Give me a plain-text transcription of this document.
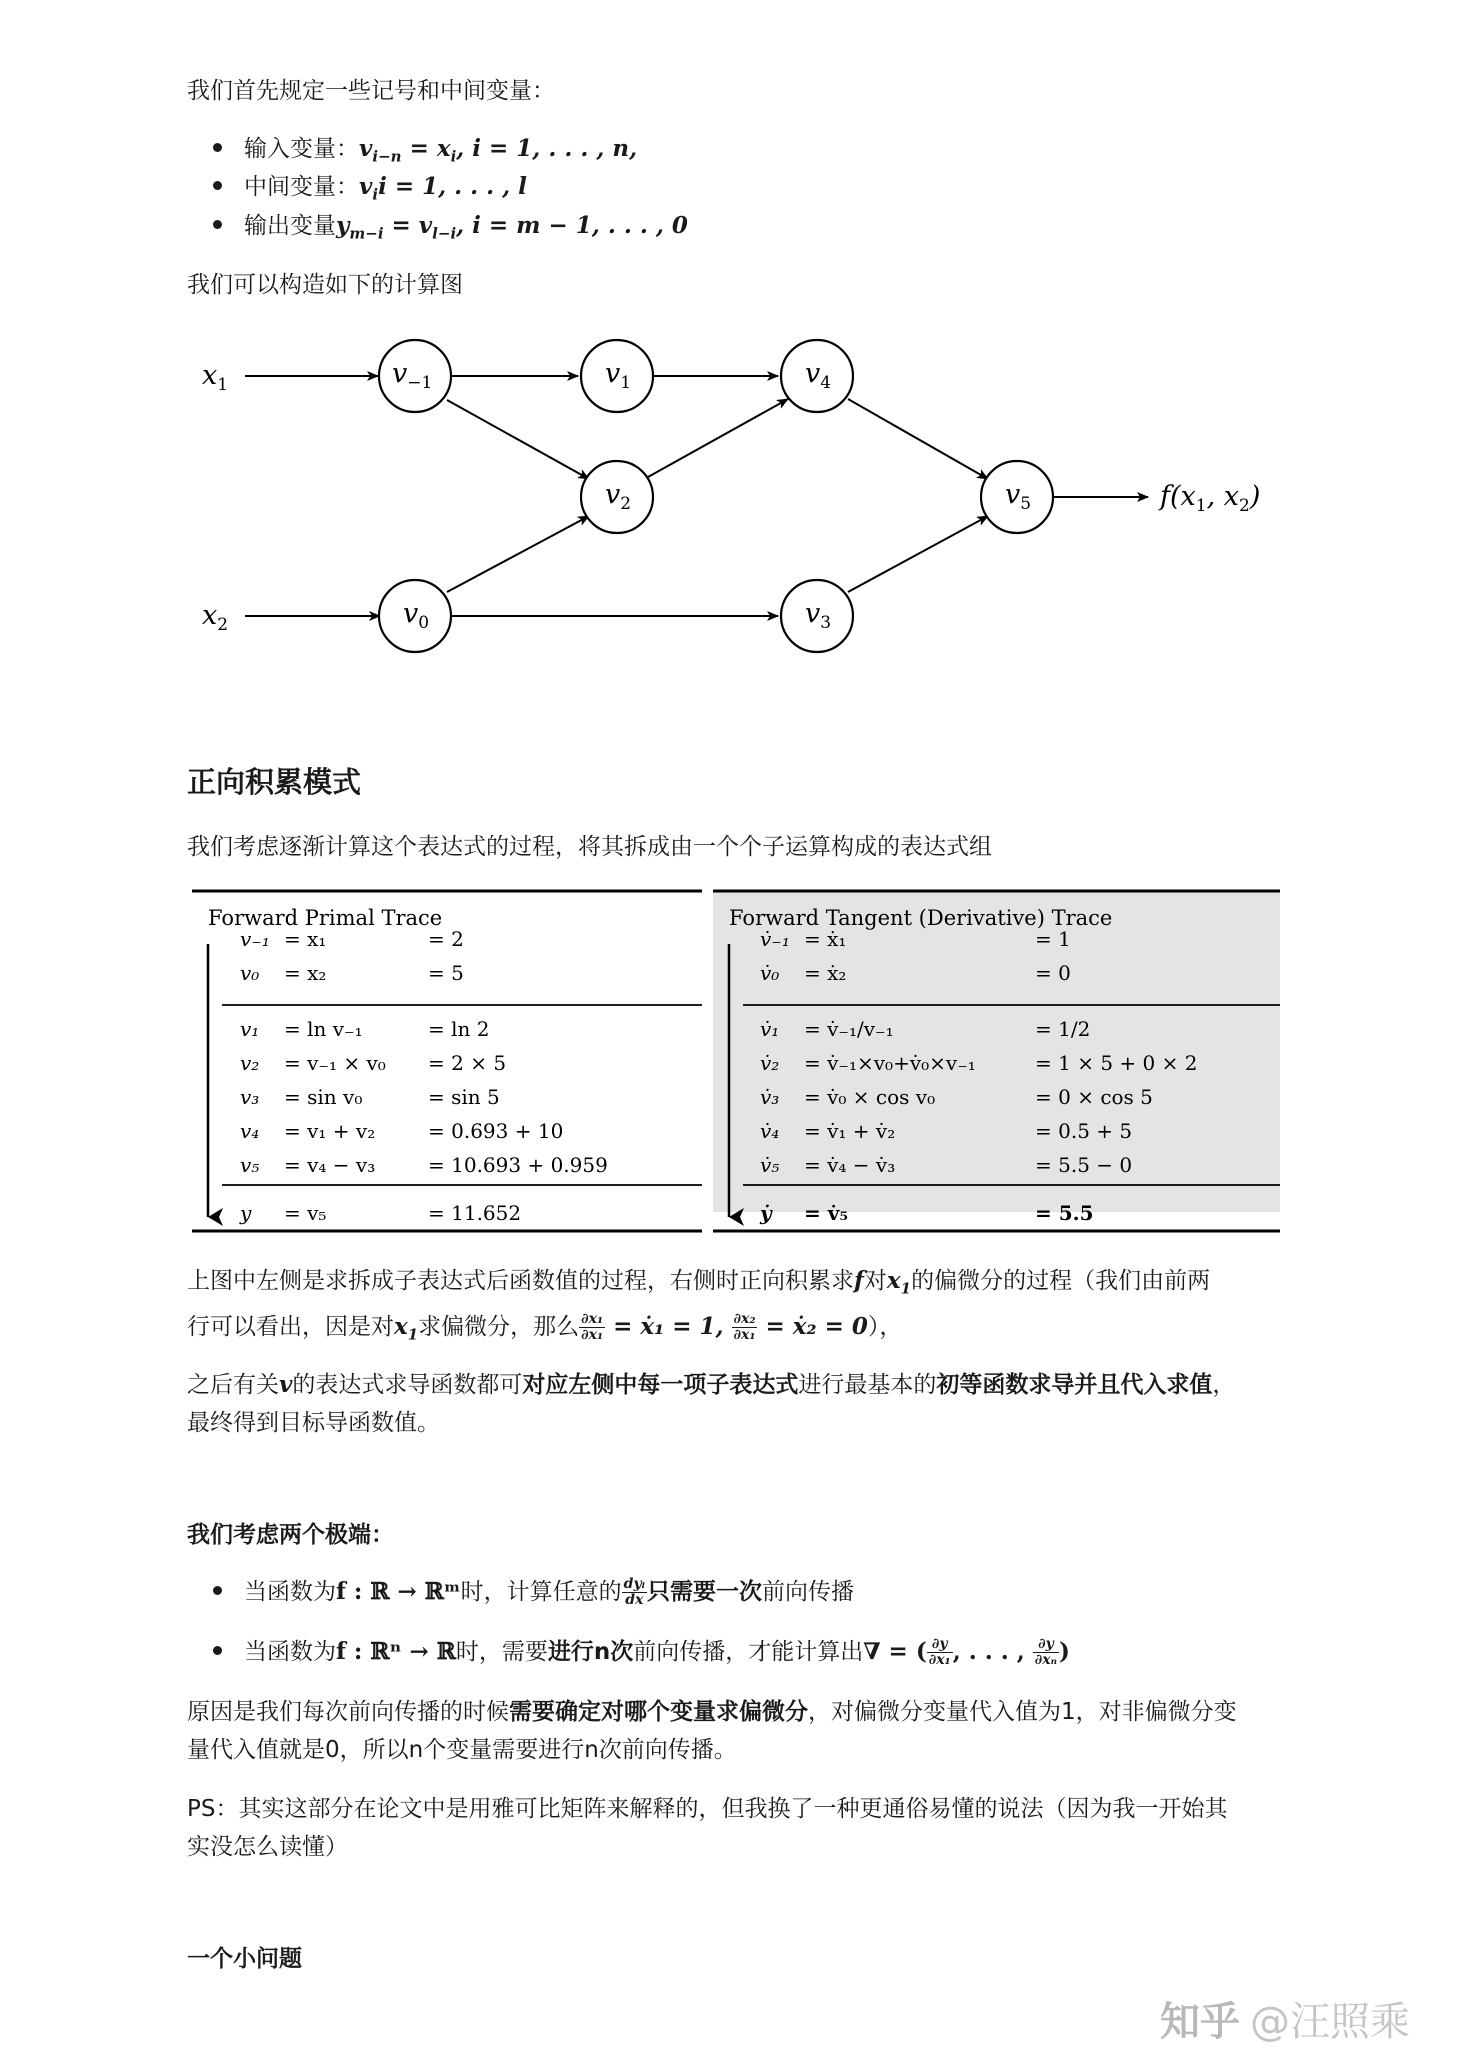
我们首先规定一些记号和中间变量：
输入变量：$v_{i-n} = x_i$, i = 1, . . . , n,
中间变量：$v_ii = 1$, . . . , l
输出变量$y_{m-i} = v_{l-i}$, i = m − 1, . . . , 0
我们可以构造如下的计算图
$x_1$
$x_2$
$v_{-1}$
$v_0$
$v_1$
$v_2$
$v_3$
$v_4$
$v_5$	$f(x_1$, $x_2$)
正向积累模式
我们考虑逐渐计算这个表达式的过程，将其拆成由一个个子运算构成的表达式组
Forward Primal Trace	Forward Tangent (Derivative) Trace
v₋₁ = x₁	= 2
v₀ = x₂	= 5
v₁ = ln v₋₁	= ln 2
v₂ = v₋₁ × v₀ = 2 × 5
v₃ = sin v₀	= sin 5
v₄ = v₁ + v₂	= 0.693 + 10
v₅ = v₄ − v₃	= 10.693 + 0.959
y = v₅	= 11.652
v̇₋₁ = ẋ₁	= 1
v̇₀ = ẋ₂	= 0
v̇₁ = v̇₋₁/v₋₁	= 1/2
v̇₂ = v̇₋₁×v₀+v̇₀×v₋₁	= 1 × 5 + 0 × 2
v̇₃ = v̇₀ × cos v₀	= 0 × cos 5
v̇₄ = v̇₁ + v̇₂	= 0.5 + 5
v̇₅ = v̇₄ − v̇₃	= 5.5 − 0
ẏ = v̇₅	= 5.5
上图中左侧是求拆成子表达式后函数值的过程，右侧时正向积累求f对$x_1$的偏微分的过程（我们由前两
行可以看出，因是对$x_1$求偏微分，那么 $\frac{\text{∂x₁}}{\text{∂x₁}}$ = ẋ₁ = 1, $\frac{\text{∂x₂}}{\text{∂x₁}}$ = ẋ₂ = 0），
之后有关v的表达式求导函数都可对应左侧中每一项子表达式进行最基本的初等函数求导并且代入求值，
最终得到目标导函数值。
我们考虑两个极端：
当函数为f : ℝ → ℝᵐ时，计算任意的 $\frac{\text{dyᵢ}}{dx}$ 只需要一次前向传播
当函数为f : ℝⁿ → ℝ时，需要进行n次前向传播，才能计算出∇ = ( $\frac{\partial y}{\text{∂x₁}}$ , . . . , $\frac{\partial y}{\text{∂xₙ}}$ )
原因是我们每次前向传播的时候需要确定对哪个变量求偏微分，对偏微分变量代入值为1，对非偏微分变
量代入值就是0，所以n个变量需要进行n次前向传播。
PS：其实这部分在论文中是用雅可比矩阵来解释的，但我换了一种更通俗易懂的说法（因为我一开始其
实没怎么读懂）
一个小问题
知乎 @汪照乘
